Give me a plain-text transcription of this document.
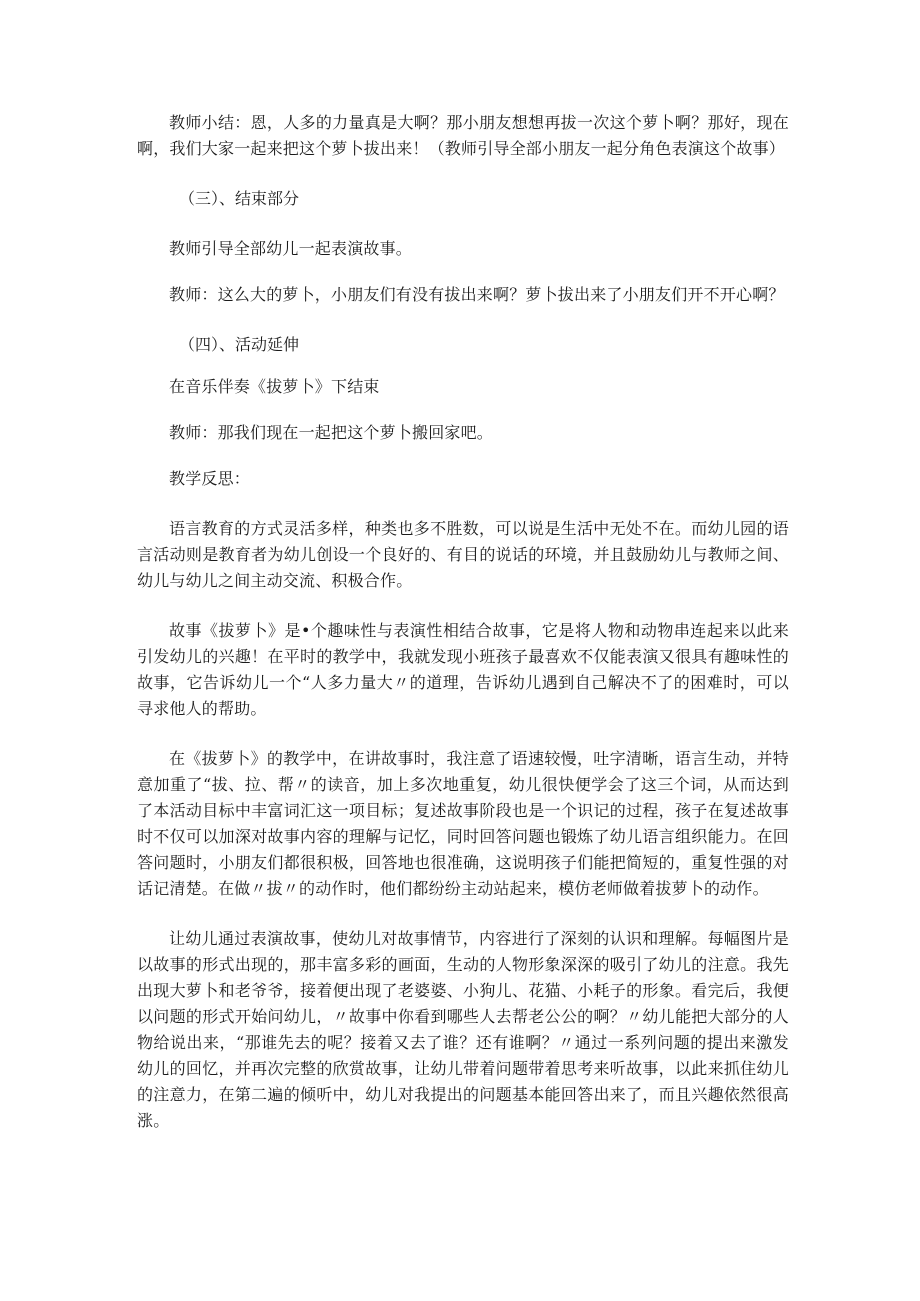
教师小结：恩，人多的力量真是大啊？那小朋友想想再拔一次这个萝卜啊？那好，现在啊，我们大家一起来把这个萝卜拔出来！（教师引导全部小朋友一起分角色表演这个故事）

（三）、结束部分

教师引导全部幼儿一起表演故事。

教师：这么大的萝卜，小朋友们有没有拔出来啊？萝卜拔出来了小朋友们开不开心啊？

（四）、活动延伸

在音乐伴奏《拔萝卜》下结束

教师：那我们现在一起把这个萝卜搬回家吧。

教学反思：

语言教育的方式灵活多样，种类也多不胜数，可以说是生活中无处不在。而幼儿园的语言活动则是教育者为幼儿创设一个良好的、有目的说话的环境，并且鼓励幼儿与教师之间、幼儿与幼儿之间主动交流、积极合作。

故事《拔萝卜》是•个趣味性与表演性相结合故事，它是将人物和动物串连起来以此来引发幼儿的兴趣！在平时的教学中，我就发现小班孩子最喜欢不仅能表演又很具有趣味性的故事，它告诉幼儿一个“人多力量大〃的道理，告诉幼儿遇到自己解决不了的困难时，可以寻求他人的帮助。

在《拔萝卜》的教学中，在讲故事时，我注意了语速较慢，吐字清晰，语言生动，并特意加重了“拔、拉、帮〃的读音，加上多次地重复，幼儿很快便学会了这三个词，从而达到了本活动目标中丰富词汇这一项目标；复述故事阶段也是一个识记的过程，孩子在复述故事时不仅可以加深对故事内容的理解与记忆，同时回答问题也锻炼了幼儿语言组织能力。在回答问题时，小朋友们都很积极，回答地也很准确，这说明孩子们能把简短的，重复性强的对话记清楚。在做〃拔〃的动作时，他们都纷纷主动站起来，模仿老师做着拔萝卜的动作。

让幼儿通过表演故事，使幼儿对故事情节，内容进行了深刻的认识和理解。每幅图片是以故事的形式出现的，那丰富多彩的画面，生动的人物形象深深的吸引了幼儿的注意。我先出现大萝卜和老爷爷，接着便出现了老婆婆、小狗儿、花猫、小耗子的形象。看完后，我便以问题的形式开始问幼儿，〃故事中你看到哪些人去帮老公公的啊？〃幼儿能把大部分的人物给说出来，“那谁先去的呢？接着又去了谁？还有谁啊？〃通过一系列问题的提出来激发幼儿的回忆，并再次完整的欣赏故事，让幼儿带着问题带着思考来听故事，以此来抓住幼儿的注意力，在第二遍的倾听中，幼儿对我提出的问题基本能回答出来了，而且兴趣依然很高涨。
